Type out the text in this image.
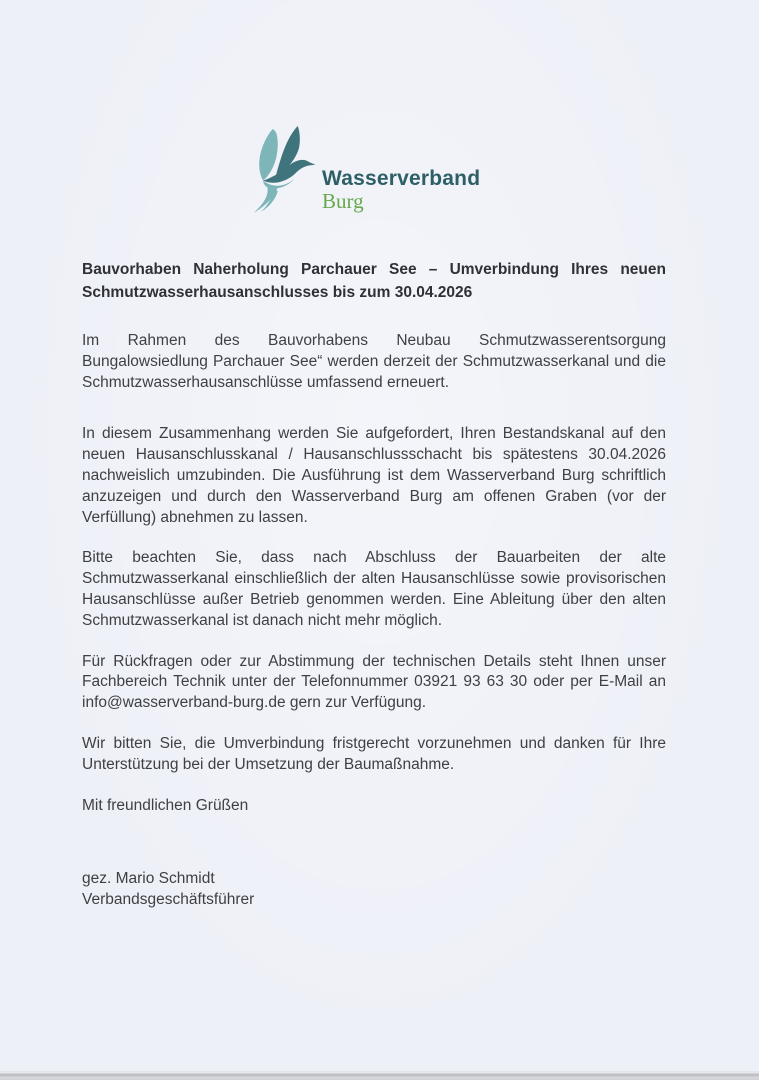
Wasserverband
Burg
Bauvorhaben Naherholung Parchauer See – Umverbindung Ihres neuen Schmutzwasserhausanschlusses bis zum 30.04.2026

Im Rahmen des Bauvorhabens Neubau Schmutzwasserentsorgung Bungalowsiedlung Parchauer See“ werden derzeit der Schmutzwasserkanal und die Schmutzwasserhausanschlüsse umfassend erneuert.

In diesem Zusammenhang werden Sie aufgefordert, Ihren Bestandskanal auf den neuen Hausanschlusskanal / Hausanschlussschacht bis spätestens 30.04.2026 nachweislich umzubinden. Die Ausführung ist dem Wasserverband Burg schriftlich anzuzeigen und durch den Wasserverband Burg am offenen Graben (vor der Verfüllung) abnehmen zu lassen.

Bitte beachten Sie, dass nach Abschluss der Bauarbeiten der alte Schmutzwasserkanal einschließlich der alten Hausanschlüsse sowie provisorischen Hausanschlüsse außer Betrieb genommen werden. Eine Ableitung über den alten Schmutzwasserkanal ist danach nicht mehr möglich.

Für Rückfragen oder zur Abstimmung der technischen Details steht Ihnen unser Fachbereich Technik unter der Telefonnummer 03921 93 63 30 oder per E-Mail an info@wasserverband-burg.de gern zur Verfügung.

Wir bitten Sie, die Umverbindung fristgerecht vorzunehmen und danken für Ihre Unterstützung bei der Umsetzung der Baumaßnahme.

Mit freundlichen Grüßen

gez. Mario Schmidt
Verbandsgeschäftsführer
